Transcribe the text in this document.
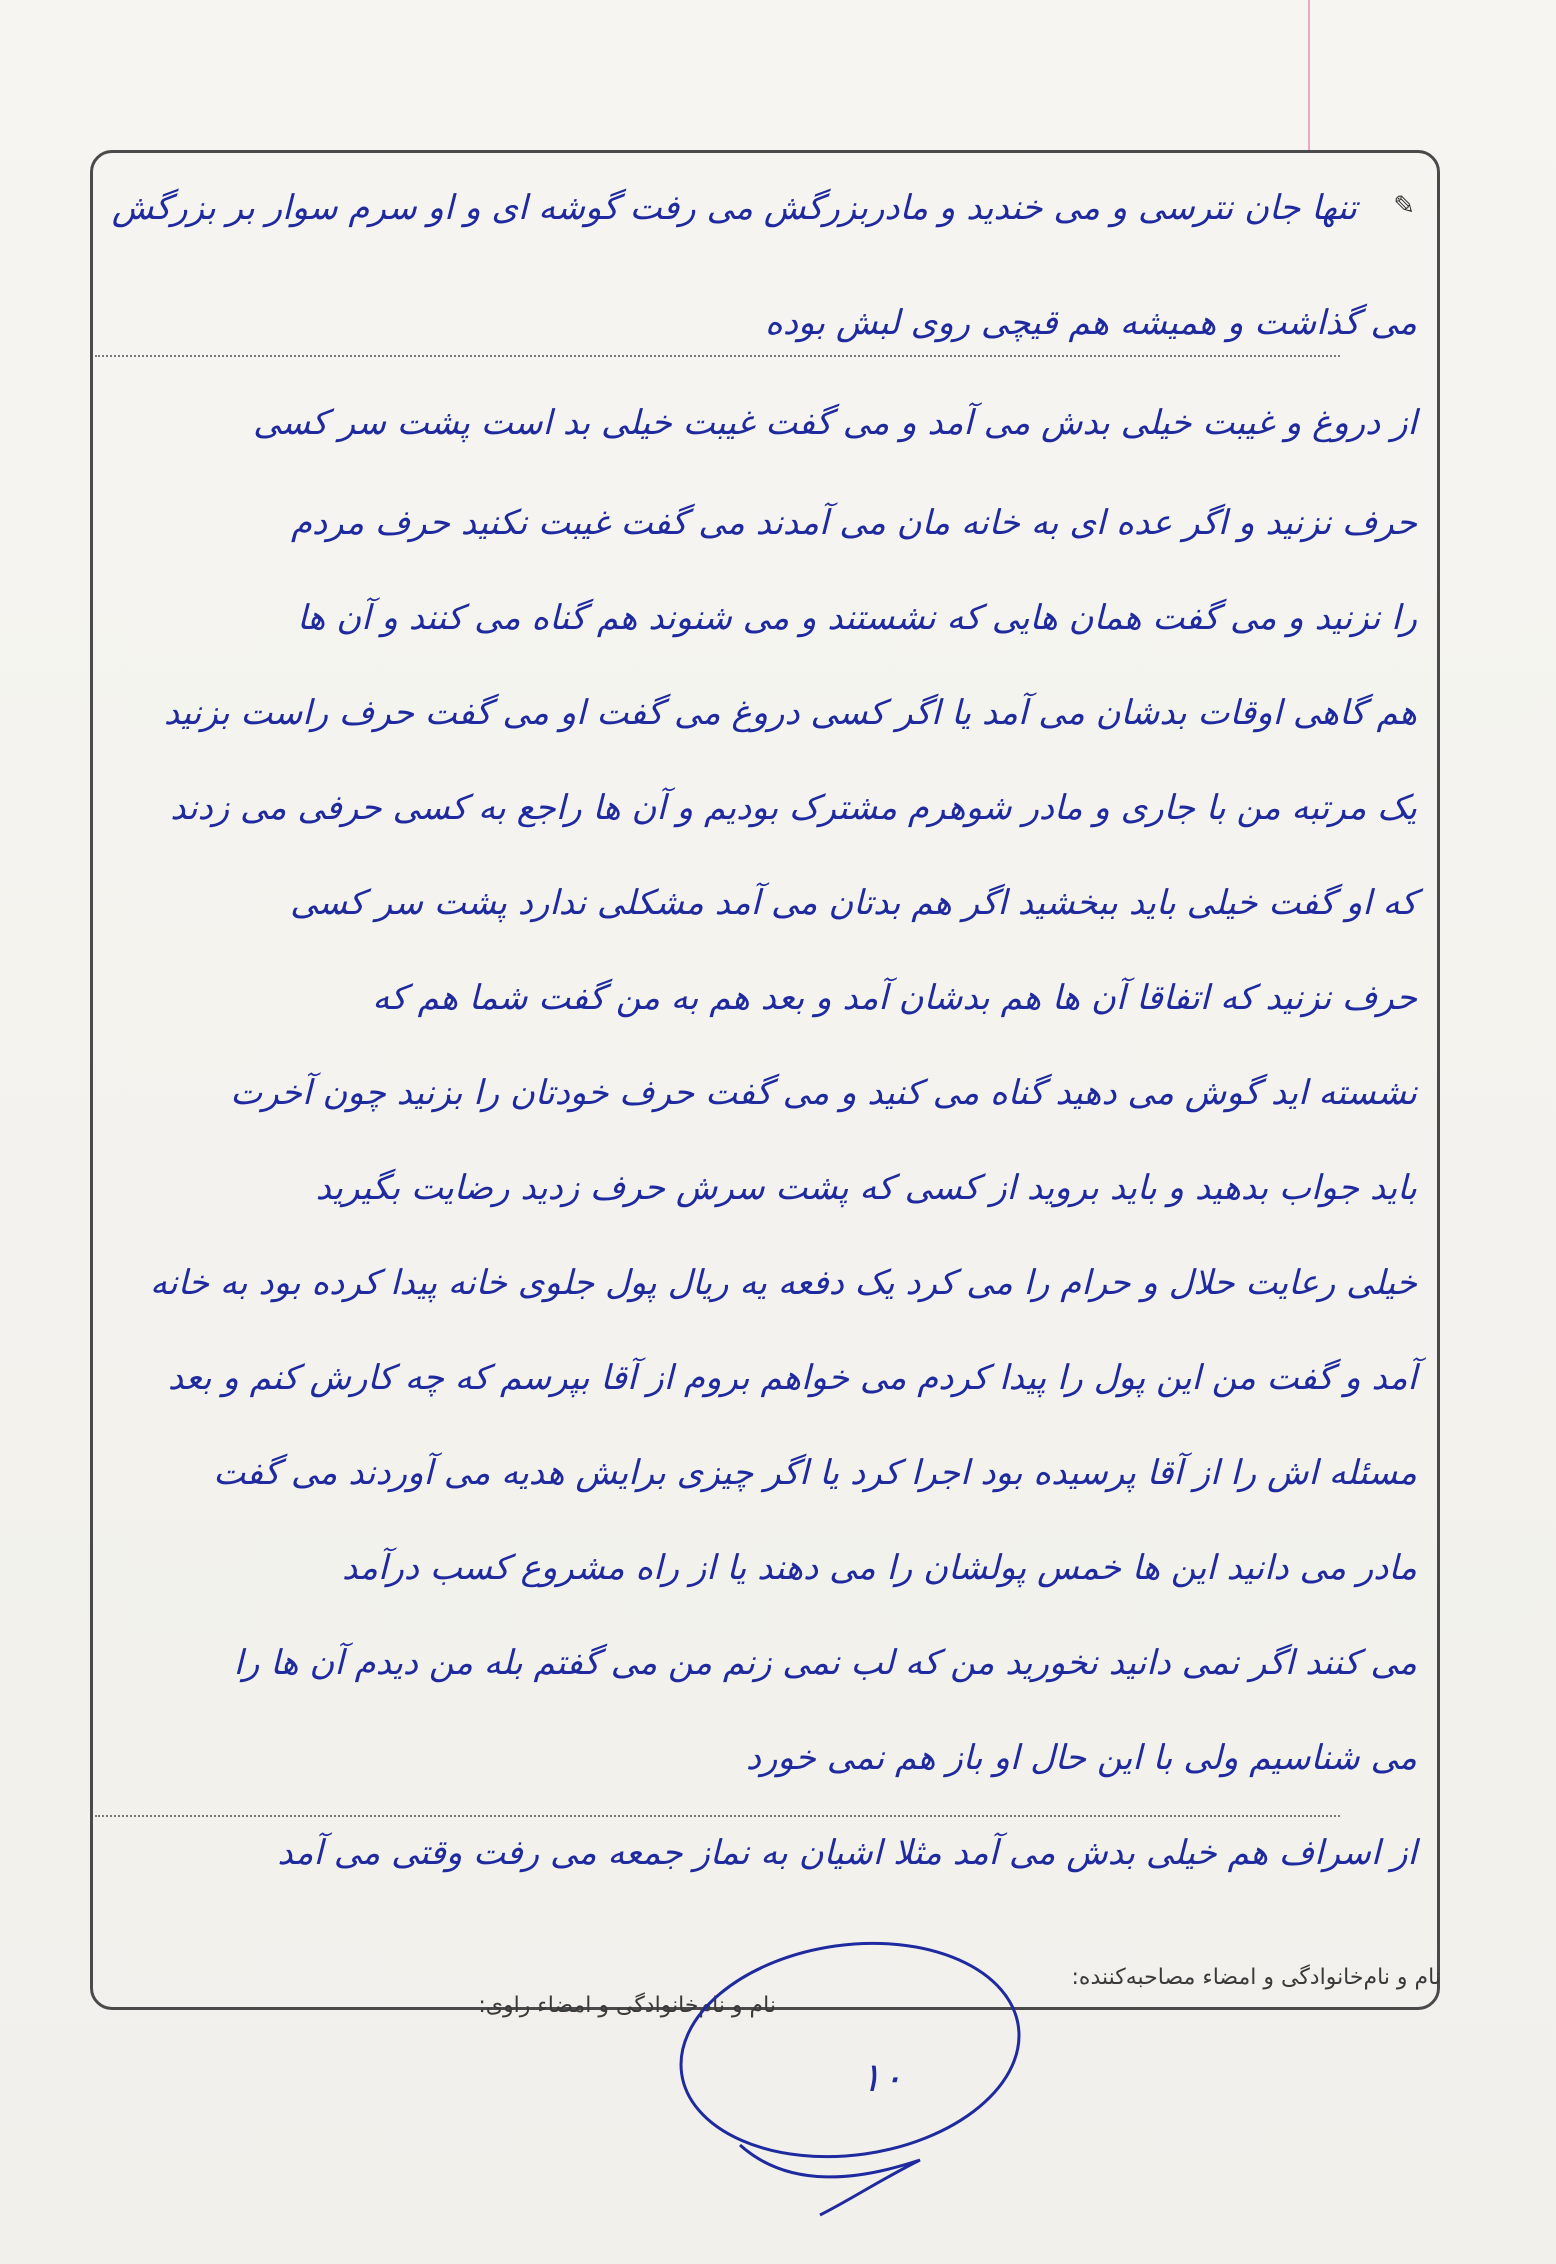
✎
تنها جان نترسی و می خندید و مادربزرگش می رفت گوشه ای و او سرم سوار بر بزرگش
می گذاشت و همیشه هم قیچی روی لبش بوده
از دروغ و غیبت خیلی بدش می آمد و می گفت غیبت خیلی بد است پشت سر کسی
حرف نزنید و اگر عده ای به خانه مان می آمدند می گفت غیبت نکنید حرف مردم
را نزنید و می گفت همان هایی که نشستند و می شنوند هم گناه می کنند و آن ها
هم گاهی اوقات بدشان می آمد یا اگر کسی دروغ می گفت او می گفت حرف راست بزنید
یک مرتبه من با جاری و مادر شوهرم مشترک بودیم و آن ها راجع به کسی حرفی می زدند
که او گفت خیلی باید ببخشید اگر هم بدتان می آمد مشکلی ندارد پشت سر کسی
حرف نزنید که اتفاقا آن ها هم بدشان آمد و بعد هم به من گفت شما هم که
نشسته اید گوش می دهید گناه می کنید و می گفت حرف خودتان را بزنید چون آخرت
باید جواب بدهید و باید بروید از کسی که پشت سرش حرف زدید رضایت بگیرید
خیلی رعایت حلال و حرام را می کرد یک دفعه یه ریال پول جلوی خانه پیدا کرده بود به خانه
آمد و گفت من این پول را پیدا کردم می خواهم بروم از آقا بپرسم که چه کارش کنم و بعد
مسئله اش را از آقا پرسیده بود اجرا کرد یا اگر چیزی برایش هدیه می آوردند می گفت
مادر می دانید این ها خمس پولشان را می دهند یا از راه مشروع کسب درآمد
می کنند اگر نمی دانید نخورید من که لب نمی زنم من می گفتم بله من دیدم آن ها را
می شناسیم ولی با این حال او باز هم نمی خورد
از اسراف هم خیلی بدش می آمد مثلا اشیان به نماز جمعه می رفت وقتی می آمد
نام و نام‌خانوادگی و امضاء مصاحبه‌کننده:
نام و نام‌خانوادگی و امضاء راوی:
۱۰
